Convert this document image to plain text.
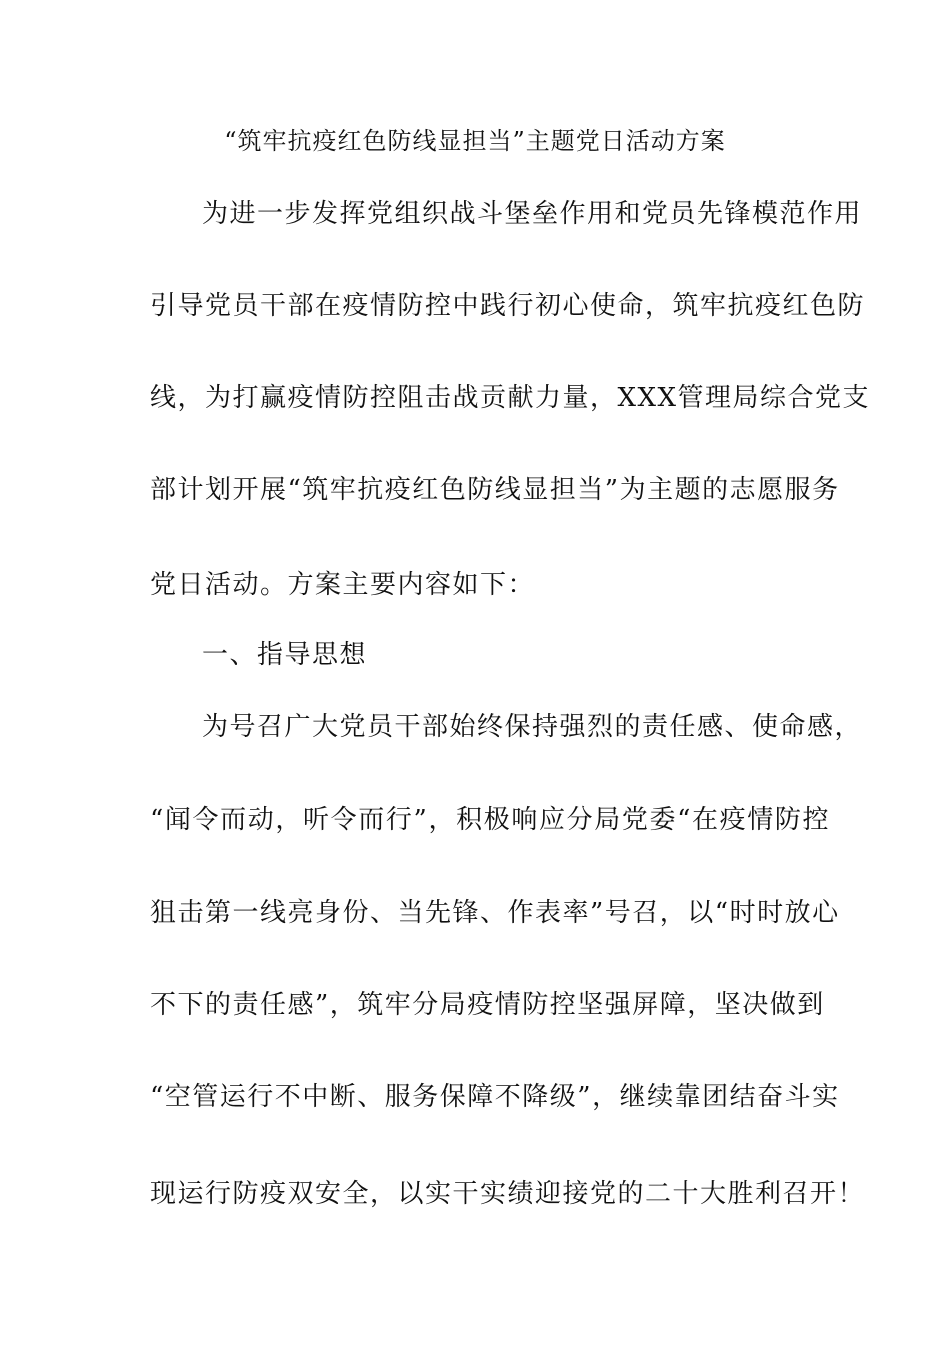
“筑牢抗疫红色防线显担当”主题党日活动方案
为进一步发挥党组织战斗堡垒作用和党员先锋模范作用
引导党员干部在疫情防控中践行初心使命，筑牢抗疫红色防
线，为打赢疫情防控阻击战贡献力量，XXX管理局综合党支
部计划开展“筑牢抗疫红色防线显担当”为主题的志愿服务
党日活动。方案主要内容如下：
一、指导思想
为号召广大党员干部始终保持强烈的责任感、使命感，
“闻令而动，听令而行”，积极响应分局党委“在疫情防控
狙击第一线亮身份、当先锋、作表率”号召，以“时时放心
不下的责任感”，筑牢分局疫情防控坚强屏障，坚决做到
“空管运行不中断、服务保障不降级”，继续靠团结奋斗实
现运行防疫双安全，以实干实绩迎接党的二十大胜利召开！
